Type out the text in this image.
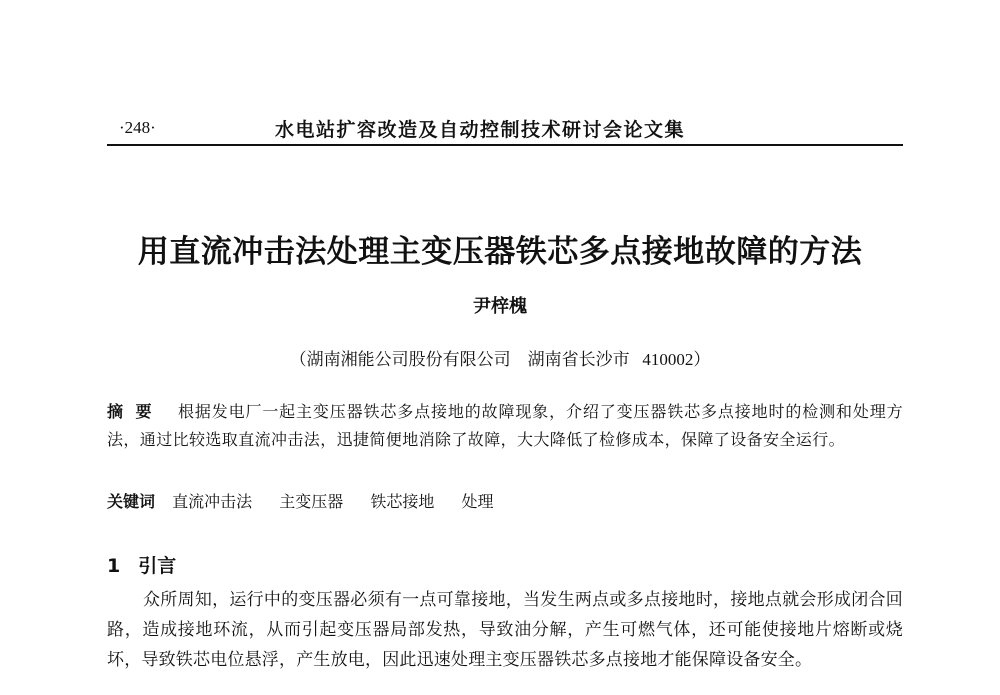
·248·	水电站扩容改造及自动控制技术研讨会论文集
用直流冲击法处理主变压器铁芯多点接地故障的方法
尹梓槐
（湖南湘能公司股份有限公司    湖南省长沙市   410002）
摘要 根据发电厂一起主变压器铁芯多点接地的故障现象，介绍了变压器铁芯多点接地时的检测和处理方法，通过比较选取直流冲击法，迅捷简便地消除了故障，大大降低了检修成本，保障了设备安全运行。
关键词 直流冲击法 主变压器 铁芯接地 处理
1 引言
众所周知，运行中的变压器必须有一点可靠接地，当发生两点或多点接地时，接地点就会形成闭合回路，造成接地环流，从而引起变压器局部发热，导致油分解，产生可燃气体，还可能使接地片熔断或烧坏，导致铁芯电位悬浮，产生放电，因此迅速处理主变压器铁芯多点接地才能保障设备安全。
